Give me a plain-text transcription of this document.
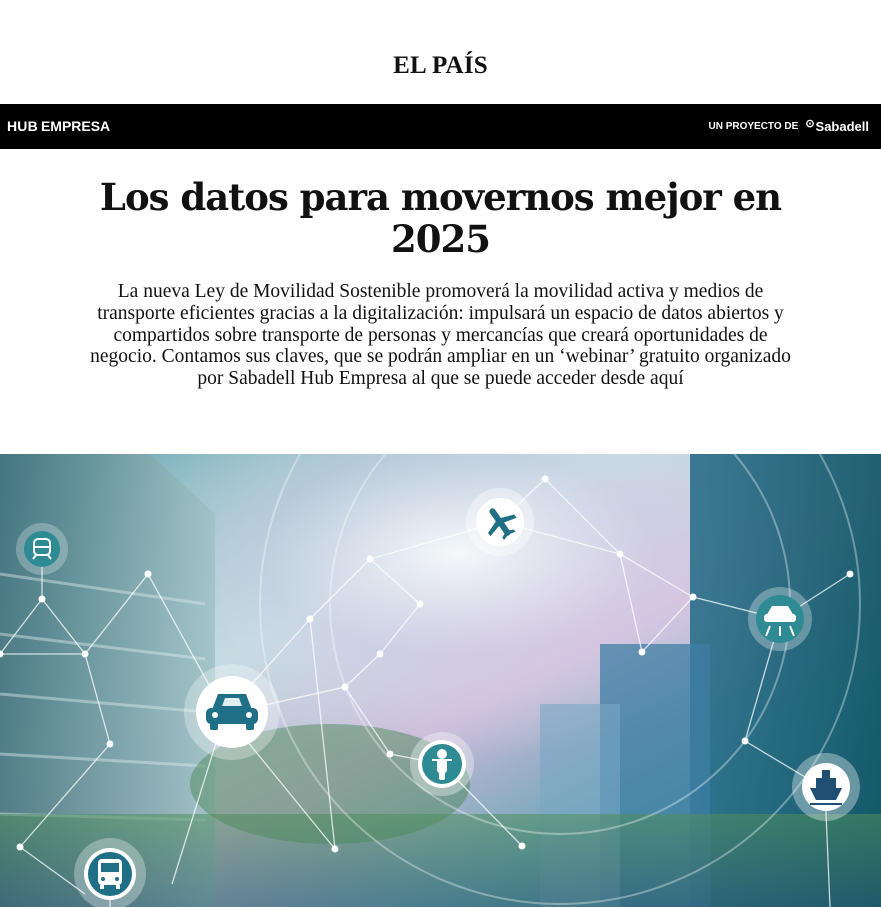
EL PAÍS
HUB EMPRESA	UN PROYECTO DE ⊙ Sabadell
Los datos para movernos mejor en 2025

La nueva Ley de Movilidad Sostenible promoverá la movilidad activa y medios de transporte eficientes gracias a la digitalización: impulsará un espacio de datos abiertos y compartidos sobre transporte de personas y mercancías que creará oportunidades de negocio. Contamos sus claves, que se podrán ampliar en un ‘webinar’ gratuito organizado por Sabadell Hub Empresa al que se puede acceder desde aquí
